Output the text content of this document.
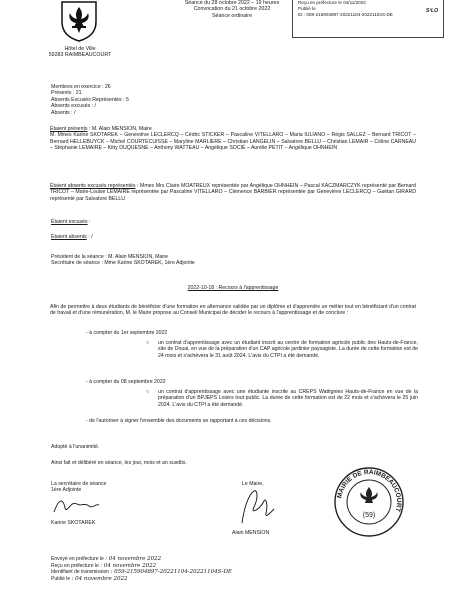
Hôtel de Ville
59283 RAIMBEAUCOURT
Séance du 28 octobre 2022 – 19 heures
Convocation du 21 octobre 2022
Séance ordinaire
Reçu en préfecture le 04/11/2022
Publié le
ID : 059-215904897-20221104-20221104S-DE
S²LO
Membres en exercice : 26
Présents : 21
Absents Excusés Représentés : 5
Absents excusés : /
Absents : /
Étaient présents : M. Alain MENSION, Maire
M. Mmes Karine SKOTAREK – Geneviève LECLERCQ – Cédric STICKER – Pascaline VITELLARO – Maria IULIANO – Régis SALLEZ – Bernard TRICOT – Bernard HELLEBUYCK – Michel COURTECUISSE – Maryline MARLIERE – Christian LANGELIN – Salvatore BELLU – Christian LEMAIR – Céline CARNEAU – Stéphanie LEMAIRE – Kitty DUQUESNE – Anthony WATTEAU – Angélique SOCIÉ – Aurélie PETIT – Angélique OHNHEIN
Étaient absents excusés représentés : Mmes Mrs Claire MOATREUX représentée par Angélique OHNHEIN – Pascal KACZMARCZYK représenté par Bernard TRICOT – Marie-Louise LEMAIRE représentée par Pascaline VITELLARO – Clémence BARBIER représentée par Geneviève LECLERCQ – Gaétan GIRARD représenté par Salvatore BELLU
Étaient excusés :
Étaient absents : /
Président de la séance : M. Alain MENSION, Maire
Secrétaire de séance : Mme Karine SKOTAREK, 1ère Adjointe
2022-10-18 : Recours à l'apprentissage
Afin de permettre à deux étudiants de bénéficier d'une formation en alternance validée par un diplôme et d'apprendre un métier tout en bénéficiant d'un contrat de travail et d'une rémunération, M. le Maire propose au Conseil Municipal de décider le recours à l'apprentissage et de conclure :
- à compter du 1er septembre 2022
○ un contrat d'apprentissage avec un étudiant inscrit au centre de formation agricole public des Hauts-de-France, site de Douai, en vue de la préparation d'un CAP agricole jardinier paysagiste. La durée de cette formation est de 24 mois et s'achèvera le 31 août 2024. L'avis du CTPI a été demandé.
- à compter du 08 septembre 2022
○ un contrat d'apprentissage avec une étudiante inscrite au CREPS Wattignies Hauts-de-France en vue de la préparation d'un BPJEPS Loisirs tout public. La durée de cette formation est de 22 mois et s'achèvera le 25 juin 2024. L'avis du CTPI a été demandé.
- de l'autoriser à signer l'ensemble des documents se rapportant à ces décisions.
Adopté à l'unanimité.
Ainsi fait et délibéré en séance, les jour, mois et an susdits.
La secrétaire de séance
1ère Adjointe
Karine SKOTAREK
Le Maire,
Alain MENSION
MAIRIE DE RAIMBEAUCOURT
(59)
Envoyé en préfecture le : 04 novembre 2022
Reçu en préfecture le : 04 novembre 2022
Identifiant de transmission : 059-215904897-20221104-20221104S-DE
Publié le : 04 novembre 2022
